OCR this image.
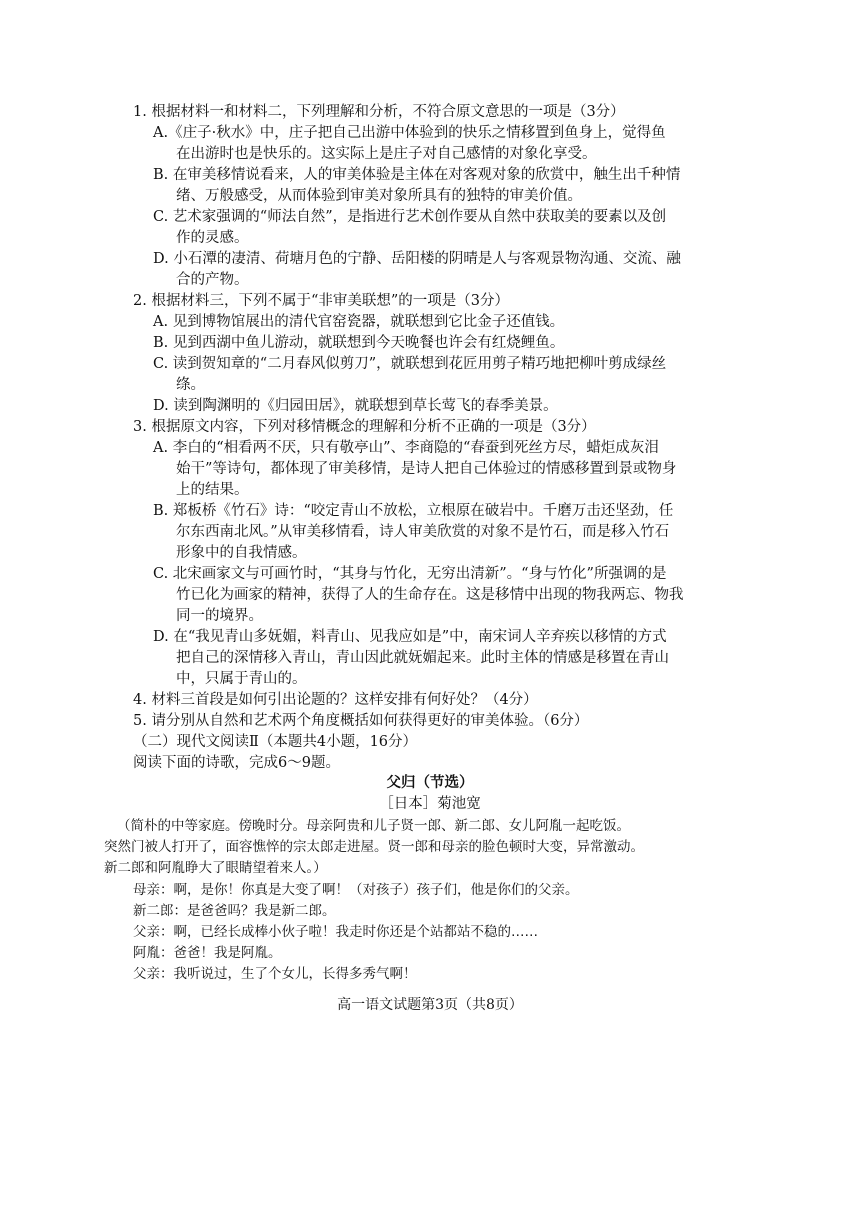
1. 根据材料一和材料二，下列理解和分析，不符合原文意思的一项是（3分）
A.《庄子·秋水》中，庄子把自己出游中体验到的快乐之情移置到鱼身上，觉得鱼
在出游时也是快乐的。这实际上是庄子对自己感情的对象化享受。
B. 在审美移情说看来，人的审美体验是主体在对客观对象的欣赏中，触生出千种情
绪、万般感受，从而体验到审美对象所具有的独特的审美价值。
C. 艺术家强调的“师法自然”，是指进行艺术创作要从自然中获取美的要素以及创
作的灵感。
D. 小石潭的凄清、荷塘月色的宁静、岳阳楼的阴晴是人与客观景物沟通、交流、融
合的产物。
2. 根据材料三，下列不属于“非审美联想”的一项是（3分）
A. 见到博物馆展出的清代官窑瓷器，就联想到它比金子还值钱。
B. 见到西湖中鱼儿游动，就联想到今天晚餐也许会有红烧鲤鱼。
C. 读到贺知章的“二月春风似剪刀”，就联想到花匠用剪子精巧地把柳叶剪成绿丝
绦。
D. 读到陶渊明的《归园田居》，就联想到草长莺飞的春季美景。
3. 根据原文内容，下列对移情概念的理解和分析不正确的一项是（3分）
A. 李白的“相看两不厌，只有敬亭山”、李商隐的“春蚕到死丝方尽，蜡炬成灰泪
始干”等诗句，都体现了审美移情，是诗人把自己体验过的情感移置到景或物身
上的结果。
B. 郑板桥《竹石》诗：“咬定青山不放松，立根原在破岩中。千磨万击还坚劲，任
尔东西南北风。”从审美移情看，诗人审美欣赏的对象不是竹石，而是移入竹石
形象中的自我情感。
C. 北宋画家文与可画竹时，“其身与竹化，无穷出清新”。“身与竹化”所强调的是
竹已化为画家的精神，获得了人的生命存在。这是移情中出现的物我两忘、物我
同一的境界。
D. 在“我见青山多妩媚，料青山、见我应如是”中，南宋词人辛弃疾以移情的方式
把自己的深情移入青山，青山因此就妩媚起来。此时主体的情感是移置在青山
中，只属于青山的。
4. 材料三首段是如何引出论题的？这样安排有何好处？（4分）
5. 请分别从自然和艺术两个角度概括如何获得更好的审美体验。（6分）
（二）现代文阅读Ⅱ（本题共4小题，16分）
阅读下面的诗歌，完成6～9题。
父归（节选）
［日本］菊池宽
（简朴的中等家庭。傍晚时分。母亲阿贵和儿子贤一郎、新二郎、女儿阿胤一起吃饭。
突然门被人打开了，面容憔悴的宗太郎走进屋。贤一郎和母亲的脸色顿时大变，异常激动。
新二郎和阿胤睁大了眼睛望着来人。）
母亲：啊，是你！你真是大变了啊！（对孩子）孩子们，他是你们的父亲。
新二郎：是爸爸吗？我是新二郎。
父亲：啊，已经长成棒小伙子啦！我走时你还是个站都站不稳的……
阿胤：爸爸！我是阿胤。
父亲：我听说过，生了个女儿，长得多秀气啊！
高一语文试题第3页（共8页）
